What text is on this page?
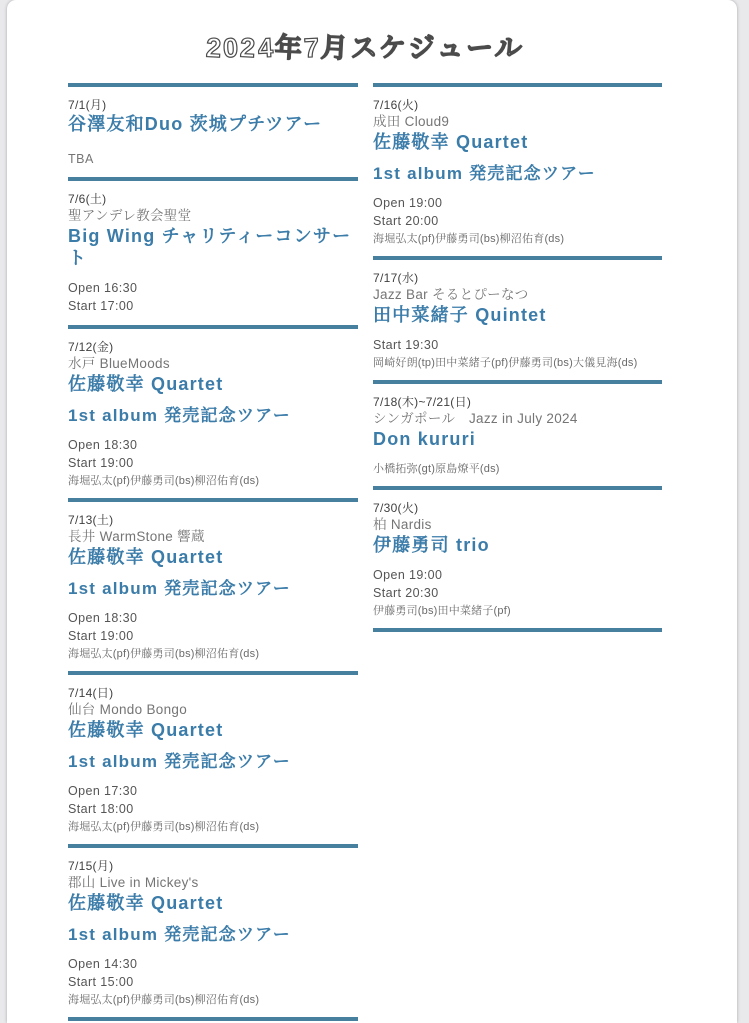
2024年7月スケジュール
7/1(月)
谷澤友和Duo 茨城プチツアー
TBA
7/6(土)
聖アンデレ教会聖堂
Big Wing チャリティーコンサート
Open 16:30
Start 17:00
7/12(金)
水戸 BlueMoods
佐藤敬幸 Quartet
1st album 発売記念ツアー
Open 18:30
Start 19:00
海堀弘太(pf)伊藤勇司(bs)柳沼佑育(ds)
7/13(土)
長井 WarmStone 響蔵
佐藤敬幸 Quartet
1st album 発売記念ツアー
Open 18:30
Start 19:00
海堀弘太(pf)伊藤勇司(bs)柳沼佑育(ds)
7/14(日)
仙台 Mondo Bongo
佐藤敬幸 Quartet
1st album 発売記念ツアー
Open 17:30
Start 18:00
海堀弘太(pf)伊藤勇司(bs)柳沼佑育(ds)
7/15(月)
郡山 Live in Mickey's
佐藤敬幸 Quartet
1st album 発売記念ツアー
Open 14:30
Start 15:00
海堀弘太(pf)伊藤勇司(bs)柳沼佑育(ds)
7/16(火)
成田 Cloud9
佐藤敬幸 Quartet
1st album 発売記念ツアー
Open 19:00
Start 20:00
海堀弘太(pf)伊藤勇司(bs)柳沼佑育(ds)
7/17(水)
Jazz Bar そるとぴーなつ
田中菜緒子 Quintet
Start 19:30
岡崎好朗(tp)田中菜緒子(pf)伊藤勇司(bs)大儀見海(ds)
7/18(木)~7/21(日)
シンガポール　Jazz in July 2024
Don kururi
小橋拓弥(gt)原島燎平(ds)
7/30(火)
柏 Nardis
伊藤勇司 trio
Open 19:00
Start 20:30
伊藤勇司(bs)田中菜緒子(pf)
